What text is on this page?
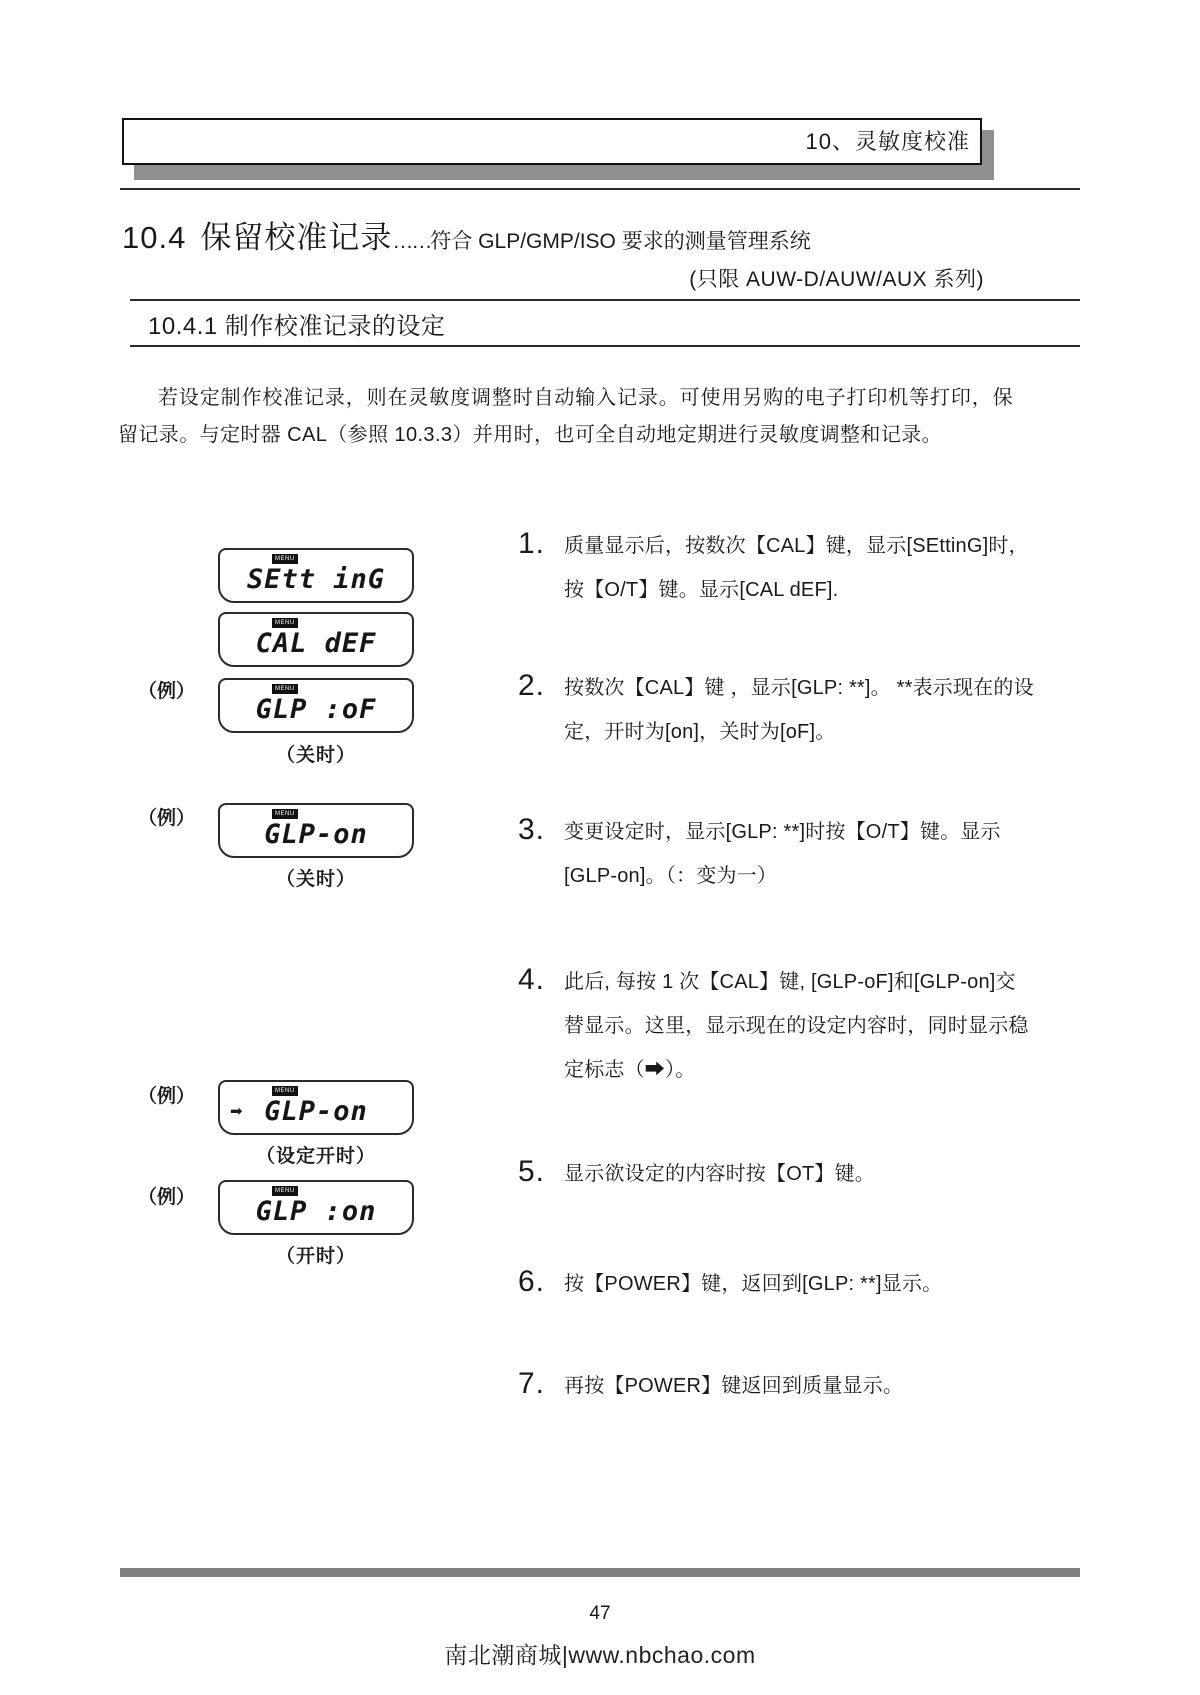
10、灵敏度校准
10.4 保留校准记录 …… 符合 GLP/GMP/ISO 要求的测量管理系统
(只限 AUW-D/AUW/AUX 系列)
10.4.1 制作校准记录的设定

若设定制作校准记录，则在灵敏度调整时自动输入记录。可使用另购的电子打印机等打印，保留记录。与定时器 CAL（参照 10.3.3）并用时，也可全自动地定期进行灵敏度调整和记录。

MENU
SEtt inG
MENU
CAL dEF
（例）	MENU
GLP :oF
（关时）
（例）	MENU
GLP-on
（关时）
（例）	MENU
➡ GLP-on
（设定开时）
（例）	MENU
GLP :on
（开时）
1. 质量显示后，按数次【CAL】键，显示[SEttinG]时，按【O/T】键。显示[CAL dEF].
2. 按数次【CAL】键 ，显示[GLP: **]。 **表示现在的设定，开时为[on]，关时为[oF]。
3. 变更设定时，显示[GLP: **]时按【O/T】键。显示[GLP-on]。（：变为一）
4. 此后, 每按 1 次【CAL】键, [GLP-oF]和[GLP-on]交替显示。这里，显示现在的设定内容时，同时显示稳定标志（➡）。
5. 显示欲设定的内容时按【OT】键。
6. 按【POWER】键，返回到[GLP: **]显示。
7. 再按【POWER】键返回到质量显示。
47
南北潮商城|www.nbchao.com
